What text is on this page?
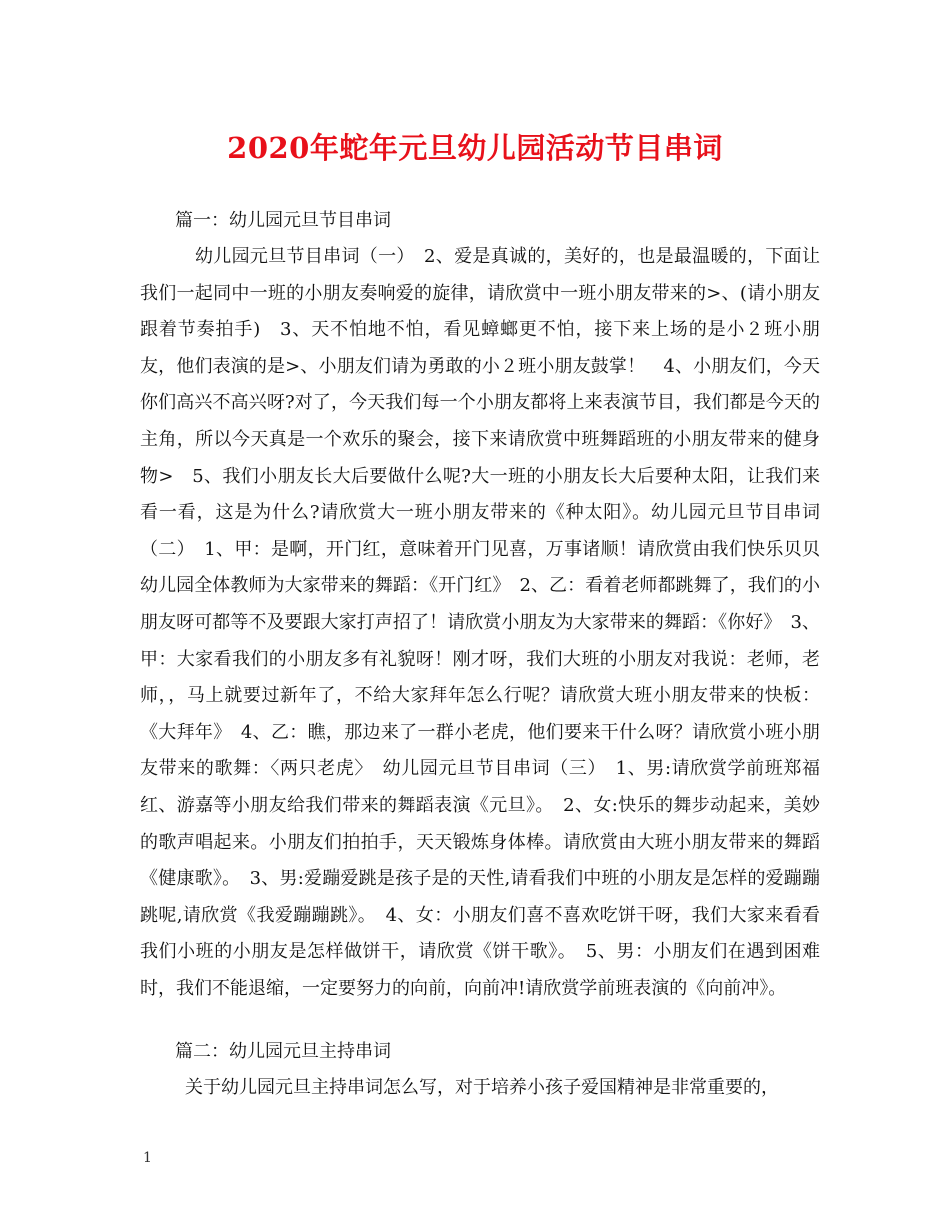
2020年蛇年元旦幼儿园活动节目串词
篇一：幼儿园元旦节目串词

幼儿园元旦节目串词（一）　2、爱是真诚的，美好的，也是最温暖的，下面让我们一起同中一班的小朋友奏响爱的旋律，请欣赏中一班小朋友带来的>、(请小朋友跟着节奏拍手)　3、天不怕地不怕，看见蟑螂更不怕，接下来上场的是小２班小朋友，他们表演的是>、小朋友们请为勇敢的小２班小朋友鼓掌！　4、小朋友们，今天你们高兴不高兴呀?对了，今天我们每一个小朋友都将上来表演节目，我们都是今天的主角，所以今天真是一个欢乐的聚会，接下来请欣赏中班舞蹈班的小朋友带来的健身物>　5、我们小朋友长大后要做什么呢?大一班的小朋友长大后要种太阳，让我们来看一看，这是为什么?请欣赏大一班小朋友带来的《种太阳》。幼儿园元旦节目串词（二）　1、甲：是啊，开门红，意味着开门见喜，万事诸顺！请欣赏由我们快乐贝贝幼儿园全体教师为大家带来的舞蹈：《开门红》　2、乙：看着老师都跳舞了，我们的小朋友呀可都等不及要跟大家打声招了！请欣赏小朋友为大家带来的舞蹈：《你好》　3、甲：大家看我们的小朋友多有礼貌呀！刚才呀，我们大班的小朋友对我说：老师，老师，，马上就要过新年了，不给大家拜年怎么行呢？请欣赏大班小朋友带来的快板：《大拜年》　4、乙：瞧，那边来了一群小老虎，他们要来干什么呀？请欣赏小班小朋友带来的歌舞：〈两只老虎〉　幼儿园元旦节目串词（三）　1、男:请欣赏学前班郑福红、游嘉等小朋友给我们带来的舞蹈表演《元旦》。　2、女:快乐的舞步动起来，美妙的歌声唱起来。小朋友们拍拍手，天天锻炼身体棒。请欣赏由大班小朋友带来的舞蹈《健康歌》。　3、男:爱蹦爱跳是孩子是的天性,请看我们中班的小朋友是怎样的爱蹦蹦跳呢,请欣赏《我爱蹦蹦跳》。　4、女：小朋友们喜不喜欢吃饼干呀，我们大家来看看我们小班的小朋友是怎样做饼干，请欣赏《饼干歌》。　5、男：小朋友们在遇到困难时，我们不能退缩，一定要努力的向前，向前冲!请欣赏学前班表演的《向前冲》。

篇二：幼儿园元旦主持串词

关于幼儿园元旦主持串词怎么写，对于培养小孩子爱国精神是非常重要的，

1
